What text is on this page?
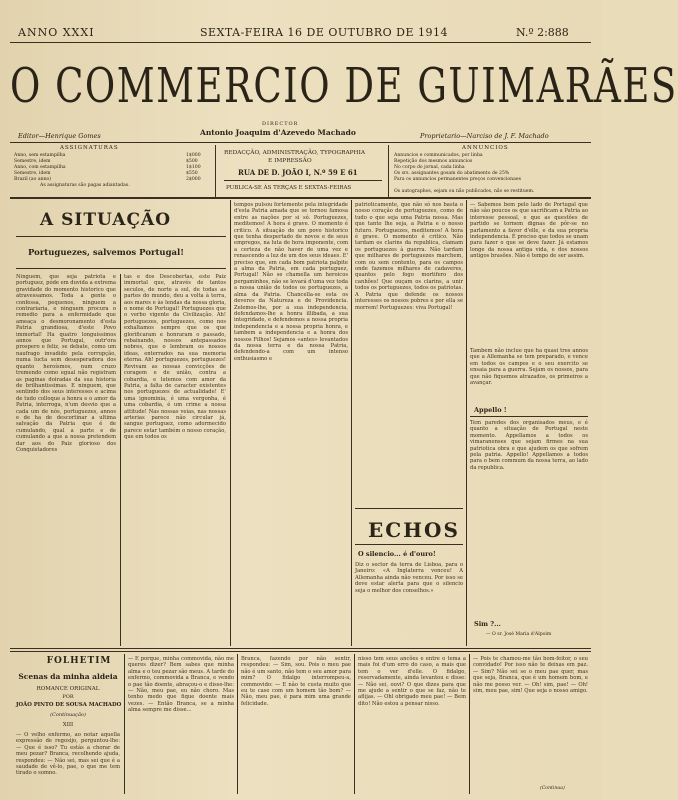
ANNO XXXI	SEXTA-FEIRA 16 DE OUTUBRO DE 1914	N.º 2:888
O COMMERCIO DE GUIMARÃES
Editor—Henrique Gomes
DIRECTOR
Antonio Joaquim d'Azevedo Machado	Proprietario—Narciso de J. F. Machado
ASSIGNATURAS
Anno, sem estampilha	1$000
Semestre, idem	$500
Anno, com estampilha	1$100
Semestre, idem	$550
Brazil (ao anno)	2$000
As assignaturas são pagas adiantadas.
REDACÇÃO, ADMINISTRAÇÃO, TYPOGRAPHIA
E IMPRESSÃO
RUA DE D. JOÃO I, N.º 59 E 61
PUBLICA-SE ÁS TERÇAS E SEXTAS-FEIRAS
ANNUNCIOS
Annuncios e communicados, por linha
Repetição dos mesmos annuncios
No corpo do jornal, cada linha
Os srs. assignantes gosam do abatimento de 25%
Para os annuncios permanentes preços convencionaes
Os autographos, sejam ou não publicados, não se restituem.
A SITUAÇÃO
Portuguezes, salvemos Portugal!
Ninguem, que seja patriota e portuguez, póde em duvida a extrema gravidade do momento historico que atravessamos. Toda a gente o confessa, pequenos, ninguem a contrariaria, e ninguem procura o remedio para a enfermidade que ameaça o desmoronamento d'esta Patria grandiosa, d'este Povo immortal! Ha quatro longuissimos annos que Portugal, outr'ora prospero e feliz, se debate, como um naufrago invadido pela corrupção, numa lucta sem desesperadora dos quanto heroísmos, num cruzo tremendo como egual não registram as paginas doiradas da sua historia de brilhantissimas. E ninguem, que sentindo dos seus interesses e acima de tudo colloque a honra e o amor da Patria, interroga, n'um desvio que a cada um de nós, portuguezes, annos e de ha de descortinar a ultima salvação da Patria que é de cumulando, qual a parte e de cumulando a que a nossa pretendem dar aos do Paiz glorioso dos Conquistadores
tas e dos Descobertas, este Paiz immortal que, através de tantos seculos, de norte a sul, de todas as partes do mundo, deu a volta à terra, aos mares e às lendas da nossa gloria, o nome de Portugal! Portuguezes que o verbo vigente da Civilização. Ah! portuguezes, portuguezes, como nos exhaltamos sempre que os que glorificaram e honraram o passado, rebaixando, nossos antepassados nobres, que o lembram os nossos ideas, enterrados na sua memoria eterna. Ah! portuguezes, portuguezes! Revivam as nossas convicções de coragem e de união, contra a cobardia, e lutemos com amor da Patria, a falta de caracter existentes nos portuguezes de actualidade! E' uma ignominia, é uma vergonha, é uma cobardia, é um crime a nossa attitude! Nas nossas veias, nas nossas arterias parece não circular já, sangue portuguez, como adormecido parece estar também o nosso coração, que em todos os
tempos pulsou fortemente pela integridade d'esta Patria amada que se tornou famosa entre as nações por si só. Portuguezes, meditemos! A hora é grave. O momento é critico. A situação de um povo historico que tenha despertado de novos e de seus empregos, na luta de hora imponente, com a certeza de não haver de uma vez e renascendo a luz de um dos seus ideaes. E' preciso que, em cada bom patriota palpite a alma da Patria, em cada portuguez, Portugal! Não se chamella um heroicos pergaminhos, não se levará d'uma vez toda a nossa união de todos os portuguezes, a alma da Patria. Chancella-se esta os deveres da Natureza e de Providencia. Zelemos-lhe, por a sua independencia, defendamos-lhe a honra illibada, a sua integridade, e defendemos a nossa propria independencia e a nossa propria honra, e tambem a independencia e a honra dos nossos Filhos! Sejamos «antes» levantados da nossa terra e da nossa Patria, defendendo-a com um intenso enthusiasmo e
patrioticamente, que não só nos basta o nosso coração de portuguezes, como de tudo o que seja uma Patria nossa. Mas que tanto lhe seja, a Patria e o nosso futuro. Portuguezes, meditemos! A hora é grave. O momento é critico. Não tardam os clarins da republica, clamam os portuguezes à guerra. Não tardam que milhares de portuguezes marchem, com ou sem contento, para os campos onde fazemos milhares de cadaveres, quantos pelo fogo mortifero dos canhões! Que ouçam os clarins, a unir todos os portuguezes, todos os patriotas. A Patria que defende os nossos interesses os nossos pobres e por ella se morrem! Portuguezes: viva Portugal!
— Sabemos bem pelo lado de Portugal que não são poucos os que sacrificam a Patria ao interesse pessoal, e que as questões de partido se tornem dignas de pôr-se no parlamento a favor d'elle, e da sua propria independencia. É preciso que todos se unam para fazer o que se deve fazer. Já estamos longe da nossa antiga vida, e dos nossos antigos brasões. Não é tempo de ser assim.
ECHOS
O silencio... é d'ouro!
Diz o sector da terra de Lisboa, para o Janeiro: «A Inglaterra venceu! A Allemanha ainda não venceu. Por isso se deve estar alerta para que o silencio seja o melhor dos conselhos.»
Tambem não inclue que ha quasi tres annos que a Allemanha se tem preparado, e vence em todos os campos e o seu exercito se ensaia para a guerra. Sejam os nossos, para que não fiquemos atrazados, os primeiros a avançar.
Appello !
Tem paredes dos organisados meus, e é quanto a situação de Portugal neste momento. Appellamos a todos os vimaranenses que sejam firmes na sua patriotica obra e que ajudem os que sofrem pela patria. Appello! Appellamos a todos para o bem commum da nossa terra, ao lado da republica.
Sim ?...
— O sr. José Maria d'Alpoim
FOLHETIM
Scenas da minha aldeia
ROMANCE ORIGINAL
POR
JOÃO PINTO DE SOUSA MACHADO
(Continuação)
XIII
— O velho enfermo, ao notar aquella expressão de regosijo, perguntou-lhe: — Que é isso? Tu estás a chorar de meu pezar? Branca, recolhendo ajuda, respondeu: — Não sei, mas sei que é a saudade de vê-lo, pae, o que me tem tirado o somno.
— E porque, minha commovida, não me queres dizer? Bem sabes que minha alma e o teu pezar são meus. A tarde do enfermo, commovida a Branca, e vendo o pae tão doente, abraçou-o e disse-lhe: — Não, meu pae, eu não choro. Mas tenho medo que fique doente mais vezes. — Então Branca, se a minha alma sempre me disse...
Branca, fazendo por não sentir, respondeu: — Sim, sou. Pois o meu pae não é um santo, não tem o seu amor para mim? O fidalgo interrompeu-a, commovido: — E não te custa muito que eu te case com um homem tão bom? — Não, meu pae, é para mim uma grande felicidade.
nisso tem seus ancões e entre o tema a mais foi d'um erro do caso, a mais que tem o ver d'elle. O fidalgo, reservadamente, ainda levantou e disse: — Não sei, ouvi? O que dizes para que me ajude a sentir o que se faz, não te aflijas. — Ohl obrigado meu pae! — Bem dito! Não estou a pensar nisso.
— Pois te chamou-me tão bom-feitor, o seu convidado! Por isso não te deixas em paz. — Sim? Não sei se o meu pae quer, mas que seja, Branca, que é um homem bom, e não me posso ver. — Oh! sim, pae! — Oh! sim, meu pae, sim! Que seja o nosso amigo.
(Continua)
